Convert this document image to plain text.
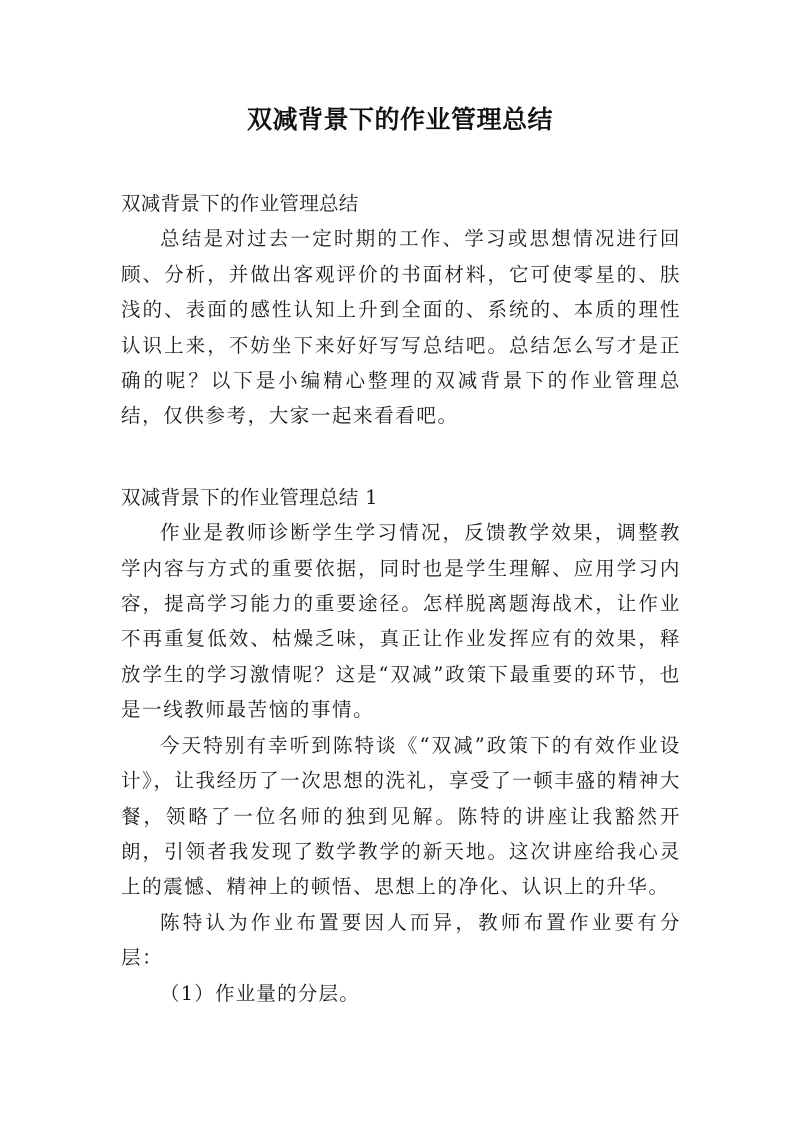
双减背景下的作业管理总结

双减背景下的作业管理总结

总结是对过去一定时期的工作、学习或思想情况进行回顾、分析，并做出客观评价的书面材料，它可使零星的、肤浅的、表面的感性认知上升到全面的、系统的、本质的理性认识上来，不妨坐下来好好写写总结吧。总结怎么写才是正确的呢？以下是小编精心整理的双减背景下的作业管理总结，仅供参考，大家一起来看看吧。

双减背景下的作业管理总结 1

作业是教师诊断学生学习情况，反馈教学效果，调整教学内容与方式的重要依据，同时也是学生理解、应用学习内容，提高学习能力的重要途径。怎样脱离题海战术，让作业不再重复低效、枯燥乏味，真正让作业发挥应有的效果，释放学生的学习激情呢？这是“双减”政策下最重要的环节，也是一线教师最苦恼的事情。

今天特别有幸听到陈特谈《“双减”政策下的有效作业设计》，让我经历了一次思想的洗礼，享受了一顿丰盛的精神大餐，领略了一位名师的独到见解。陈特的讲座让我豁然开朗，引领者我发现了数学教学的新天地。这次讲座给我心灵上的震憾、精神上的顿悟、思想上的净化、认识上的升华。

陈特认为作业布置要因人而异，教师布置作业要有分层：

（1）作业量的分层。
